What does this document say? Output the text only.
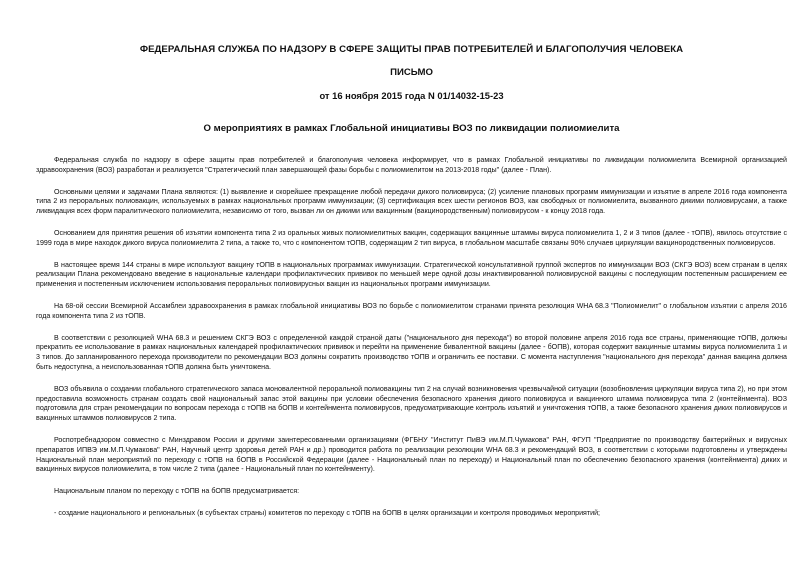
ФЕДЕРАЛЬНАЯ СЛУЖБА ПО НАДЗОРУ В СФЕРЕ ЗАЩИТЫ ПРАВ ПОТРЕБИТЕЛЕЙ И БЛАГОПОЛУЧИЯ ЧЕЛОВЕКА
ПИСЬМО
от 16 ноября 2015 года N 01/14032-15-23
О мероприятиях в рамках Глобальной инициативы ВОЗ по ликвидации полиомиелита

Федеральная служба по надзору в сфере защиты прав потребителей и благополучия человека информирует, что в рамках Глобальной инициативы по ликвидации полиомиелита Всемирной организацией здравоохранения (ВОЗ) разработан и реализуется "Стратегический план завершающей фазы борьбы с полиомиелитом на 2013-2018 годы" (далее - План).

Основными целями и задачами Плана являются: (1) выявление и скорейшее прекращение любой передачи дикого полиовируса; (2) усиление плановых программ иммунизации и изъятие в апреле 2016 года компонента типа 2 из пероральных полиовакцин, используемых в рамках национальных программ иммунизации; (3) сертификация всех шести регионов ВОЗ, как свободных от полиомиелита, вызванного дикими полиовирусами, а также ликвидация всех форм паралитического полиомиелита, независимо от того, вызван ли он дикими или вакцинным (вакцинородственным) полиовирусом - к концу 2018 года.

Основанием для принятия решения об изъятии компонента типа 2 из оральных живых полиомиелитных вакцин, содержащих вакцинные штаммы вируса полиомиелита 1, 2 и 3 типов (далее - тОПВ), явилось отсутствие с 1999 года в мире находок дикого вируса полиомиелита 2 типа, а также то, что с компонентом тОПВ, содержащим 2 тип вируса, в глобальном масштабе связаны 90% случаев циркуляции вакцинородственных полиовирусов.

В настоящее время 144 страны в мире используют вакцину тОПВ в национальных программах иммунизации. Стратегической консультативной группой экспертов по иммунизации ВОЗ (СКГЭ ВОЗ) всем странам в целях реализации Плана рекомендовано введение в национальные календари профилактических прививок по меньшей мере одной дозы инактивированной полиовирусной вакцины с последующим постепенным расширением ее применения и постепенным исключением использования пероральных полиовирусных вакцин из национальных программ иммунизации.

На 68-ой сессии Всемирной Ассамблеи здравоохранения в рамках глобальной инициативы ВОЗ по борьбе с полиомиелитом странами принята резолюция WHA 68.3 "Полиомиелит" о глобальном изъятии с апреля 2016 года компонента типа 2 из тОПВ.

В соответствии с резолюцией WHA 68.3 и решением СКГЭ ВОЗ с определенной каждой страной даты ("национального дня перехода") во второй половине апреля 2016 года все страны, применяющие тОПВ, должны прекратить ее использование в рамках национальных календарей профилактических прививок и перейти на применение бивалентной вакцины (далее - бОПВ), которая содержит вакцинные штаммы вируса полиомиелита 1 и 3 типов. До запланированного перехода производители по рекомендации ВОЗ должны сократить производство тОПВ и ограничить ее поставки. С момента наступления "национального дня перехода" данная вакцина должна быть недоступна, а неиспользованная тОПВ должна быть уничтожена.

ВОЗ объявила о создании глобального стратегического запаса моновалентной пероральной полиовакцины тип 2 на случай возникновения чрезвычайной ситуации (возобновления циркуляции вируса типа 2), но при этом предоставила возможность странам создать свой национальный запас этой вакцины при условии обеспечения безопасного хранения дикого полиовируса и вакцинного штамма полиовируса типа 2 (контейнмента). ВОЗ подготовила для стран рекомендации по вопросам перехода с тОПВ на бОПВ и контейнмента полиовирусов, предусматривающие контроль изъятий и уничтожения тОПВ, а также безопасного хранения диких полиовирусов и вакцинных штаммов полиовирусов 2 типа.

Роспотребнадзором совместно с Минздравом России и другими заинтересованными организациями (ФГБНУ "Институт ПиВЭ им.М.П.Чумакова" РАН, ФГУП "Предприятие по производству бактерийных и вирусных препаратов ИПВЭ им.М.П.Чумакова" РАН, Научный центр здоровья детей РАН и др.) проводится работа по реализации резолюции WHA 68.3 и рекомендаций ВОЗ, в соответствии с которыми подготовлены и утверждены Национальный план мероприятий по переходу с тОПВ на бОПВ в Российской Федерации (далее - Национальный план по переходу) и Национальный план по обеспечению безопасного хранения (контейнмента) диких и вакцинных вирусов полиомиелита, в том числе 2 типа (далее - Национальный план по контейнменту).

Национальным планом по переходу с тОПВ на бОПВ предусматривается:

- создание национального и региональных (в субъектах страны) комитетов по переходу с тОПВ на бОПВ в целях организации и контроля проводимых мероприятий;
